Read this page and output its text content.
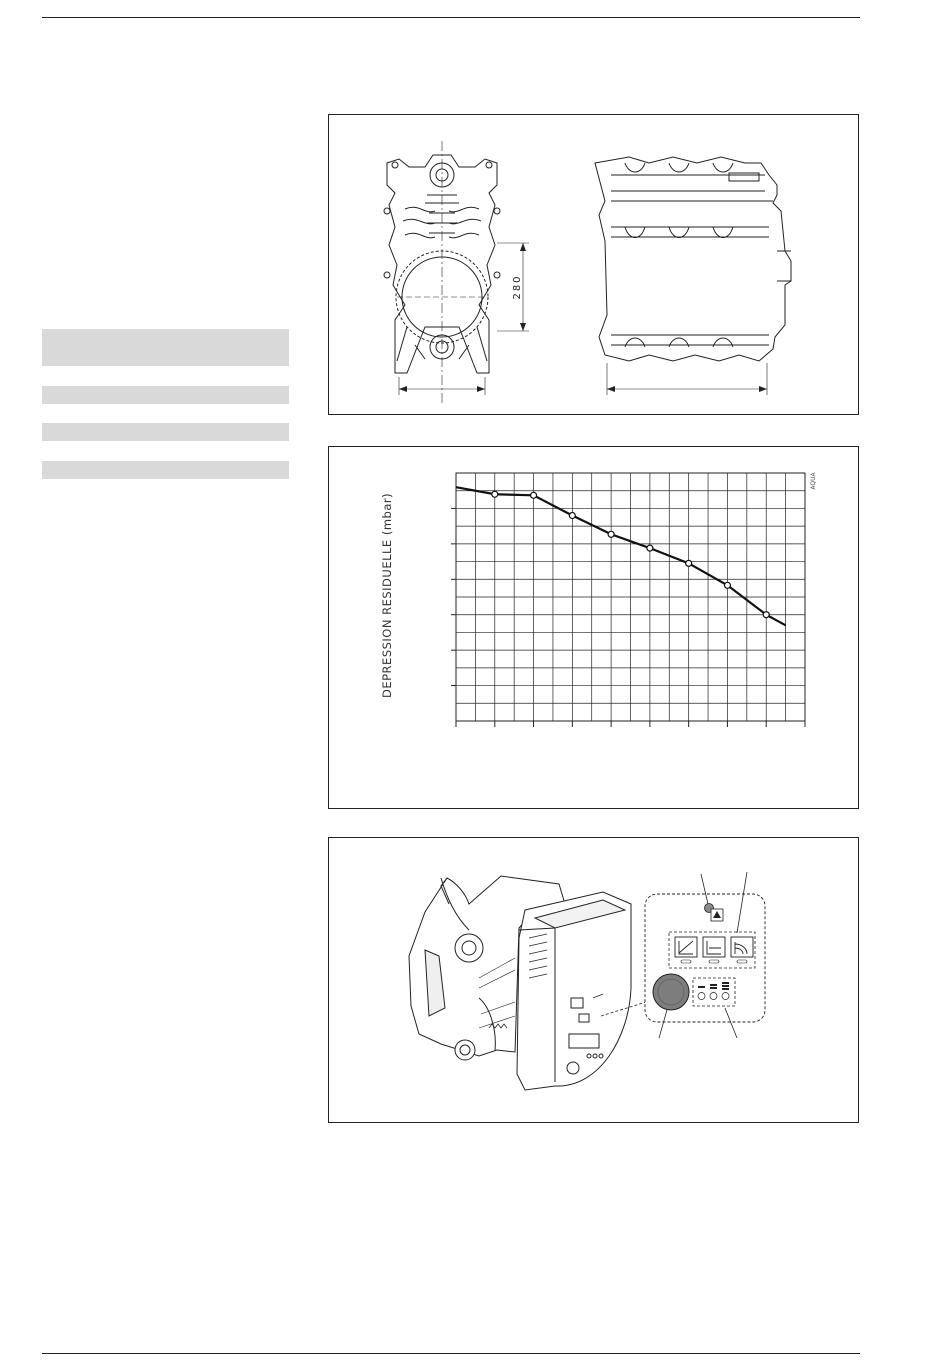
280
AQUA
DEPRESSION RESIDUELLE (mbar)
